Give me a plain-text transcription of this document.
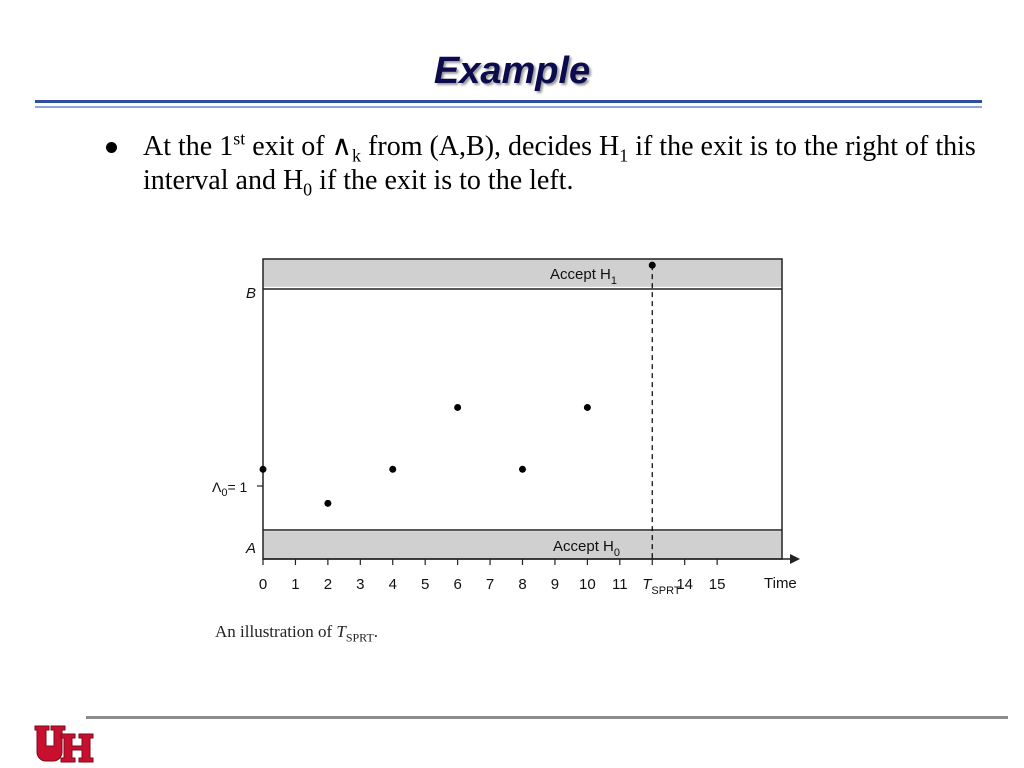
Example

At the 1st exit of $\wedge_k$ from (A,B), decides $H_1$ if the exit is to the right of this interval and $H_0$ if the exit is to the left.

0 1 2 3 4 5 6 7 8 9 10 11	14 15
Accept $H_1$
Accept $H_0$
B
A
$\Lambda_0= 1$
$T_{SPRT}$	Time
An illustration of $T_{SPRT}$.
